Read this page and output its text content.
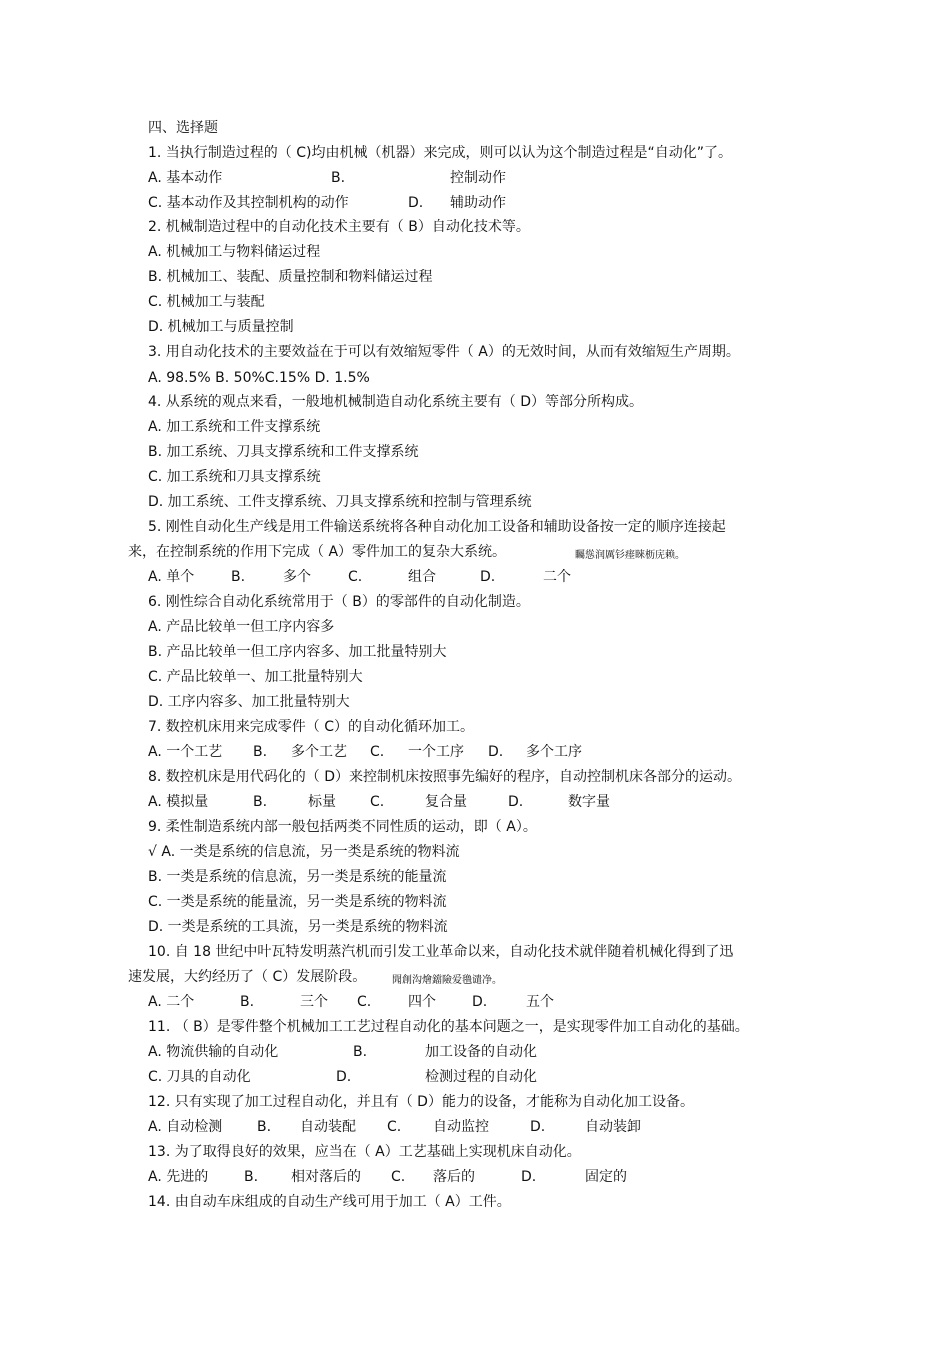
四、选择题
1. 当执行制造过程的（ C)均由机械（机器）来完成，则可以认为这个制造过程是“自动化”了。
A. 基本动作	B.	控制动作
C. 基本动作及其控制机构的动作	D. 辅助动作
2. 机械制造过程中的自动化技术主要有（ B）自动化技术等。
A. 机械加工与物料储运过程
B. 机械加工、装配、质量控制和物料储运过程
C. 机械加工与装配
D. 机械加工与质量控制
3. 用自动化技术的主要效益在于可以有效缩短零件（ A）的无效时间，从而有效缩短生产周期。
A. 98.5% B. 50%C.15% D. 1.5%
4. 从系统的观点来看，一般地机械制造自动化系统主要有（ D）等部分所构成。
A. 加工系统和工件支撑系统
B. 加工系统、刀具支撑系统和工件支撑系统
C. 加工系统和刀具支撑系统
D. 加工系统、工件支撑系统、刀具支撑系统和控制与管理系统
5. 刚性自动化生产线是用工件输送系统将各种自动化加工设备和辅助设备按一定的顺序连接起
来，在控制系统的作用下完成（ A）零件加工的复杂大系统。	矚慫润厲钐瘗睞枥庑赖。
A. 单个	B.	多个	C.	组合	D.	二个
6. 刚性综合自动化系统常用于（ B）的零部件的自动化制造。
A. 产品比较单一但工序内容多
B. 产品比较单一但工序内容多、加工批量特别大
C. 产品比较单一、加工批量特别大
D. 工序内容多、加工批量特别大
7. 数控机床用来完成零件（ C）的自动化循环加工。
A. 一个工艺 B. 多个工艺 C. 一个工序 D. 多个工序
8. 数控机床是用代码化的（ D）来控制机床按照事先编好的程序，自动控制机床各部分的运动。
A. 模拟量	B.	标量 C.	复合量	D.	数字量
9. 柔性制造系统内部一般包括两类不同性质的运动，即（ A）。
√ A. 一类是系统的信息流，另一类是系统的物料流
B. 一类是系统的信息流，另一类是系统的能量流
C. 一类是系统的能量流，另一类是系统的物料流
D. 一类是系统的工具流，另一类是系统的物料流
10. 自 18 世纪中叶瓦特发明蒸汽机而引发工业革命以来，自动化技术就伴随着机械化得到了迅
速发展，大约经历了（ C）发展阶段。	聞創沟燴鐺險爱氇谴净。
A. 二个	B.	三个 C.	四个	D.	五个
11. （ B）是零件整个机械加工工艺过程自动化的基本问题之一，是实现零件加工自动化的基础。
A. 物流供输的自动化	B.	加工设备的自动化
C. 刀具的自动化	D.	检测过程的自动化
12. 只有实现了加工过程自动化，并且有（ D）能力的设备，才能称为自动化加工设备。
A. 自动检测 B. 自动装配 C. 自动监控	D.	自动装卸
13. 为了取得良好的效果，应当在（ A）工艺基础上实现机床自动化。
A. 先进的	B. 相对落后的 C. 落后的	D.	固定的
14. 由自动车床组成的自动生产线可用于加工（ A）工件。
